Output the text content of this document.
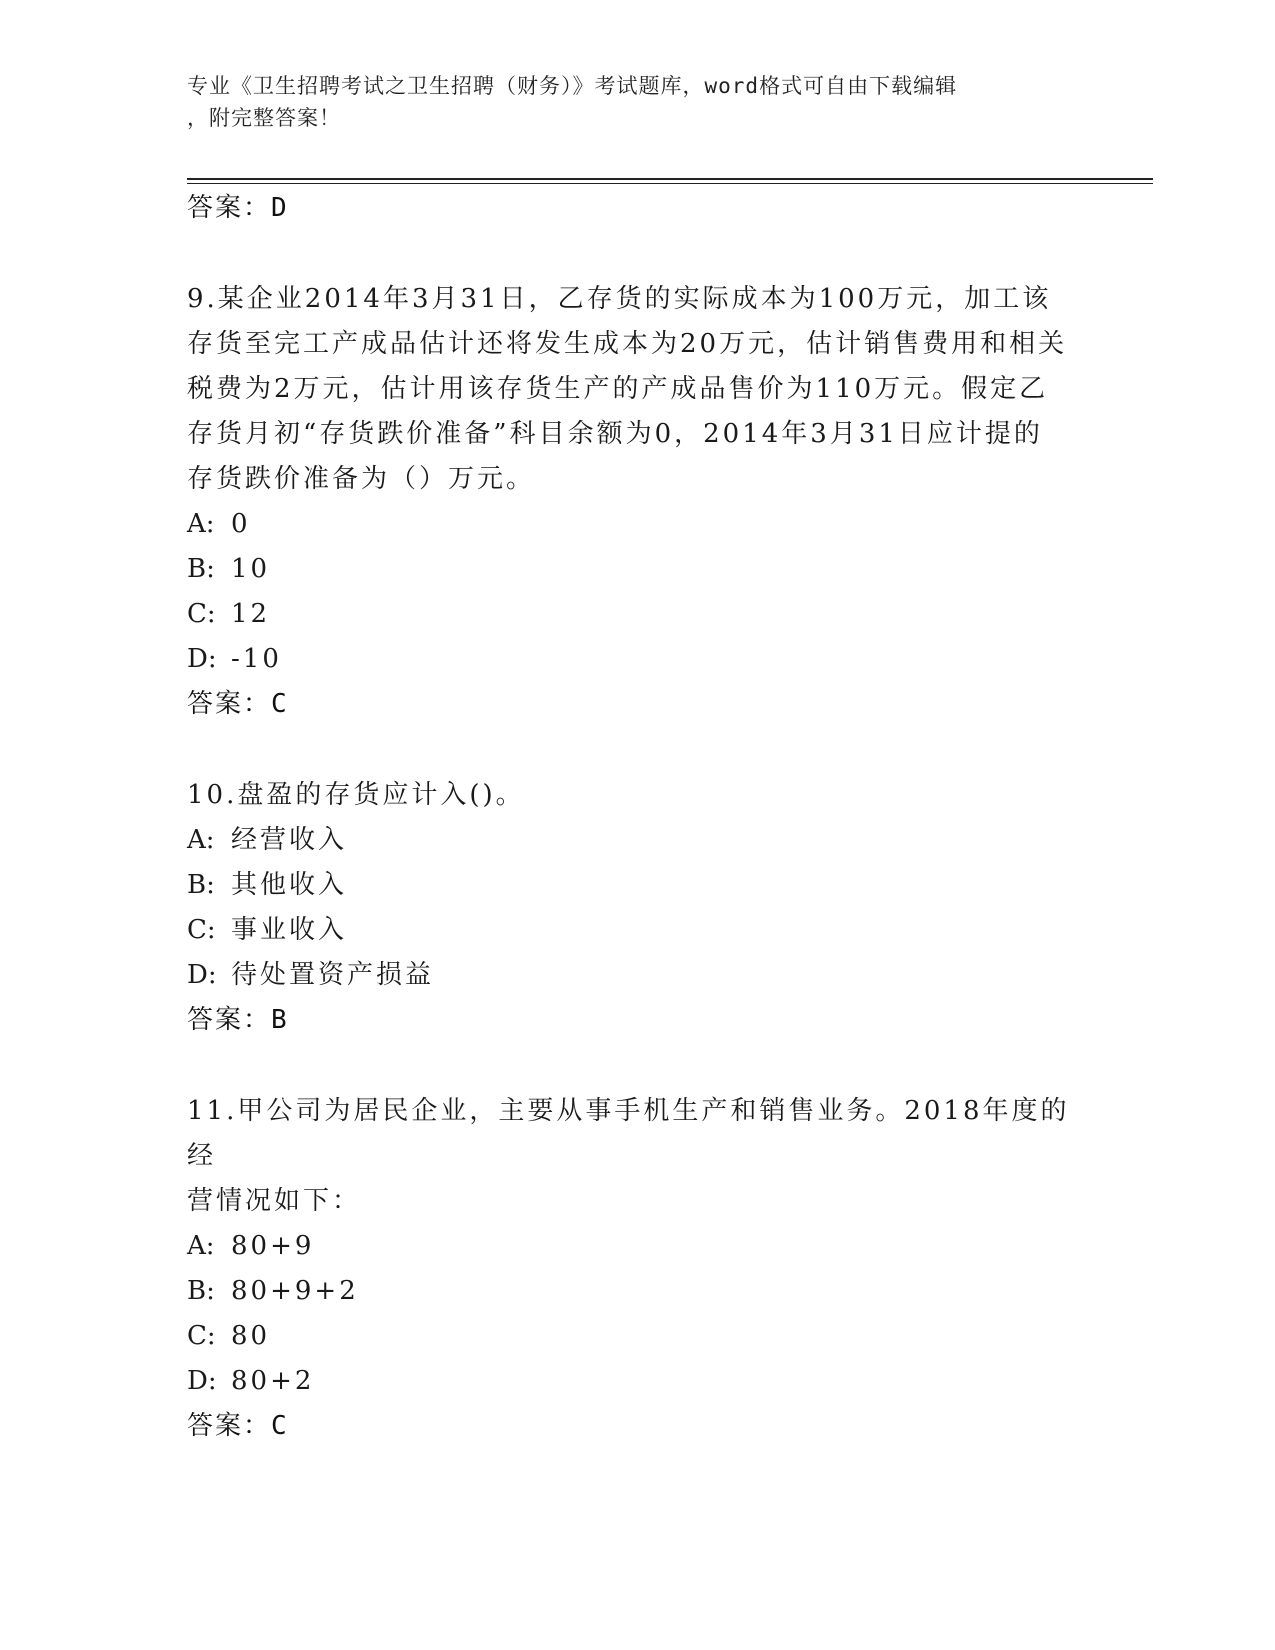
专业《卫生招聘考试之卫生招聘（财务）》考试题库，word格式可自由下载编辑
，附完整答案！
答案：D
9.某企业2014年3月31日，乙存货的实际成本为100万元，加工该
存货至完工产成品估计还将发生成本为20万元，估计销售费用和相关
税费为2万元，估计用该存货生产的产成品售价为110万元。假定乙
存货月初“存货跌价准备”科目余额为0，2014年3月31日应计提的
存货跌价准备为（）万元。
A: 0
B: 10
C: 12
D: -10
答案：C
10.盘盈的存货应计入()。
A: 经营收入
B: 其他收入
C: 事业收入
D: 待处置资产损益
答案：B
11.甲公司为居民企业，主要从事手机生产和销售业务。2018年度的经
营情况如下：
A: 80+9
B: 80+9+2
C: 80
D: 80+2
答案：C
